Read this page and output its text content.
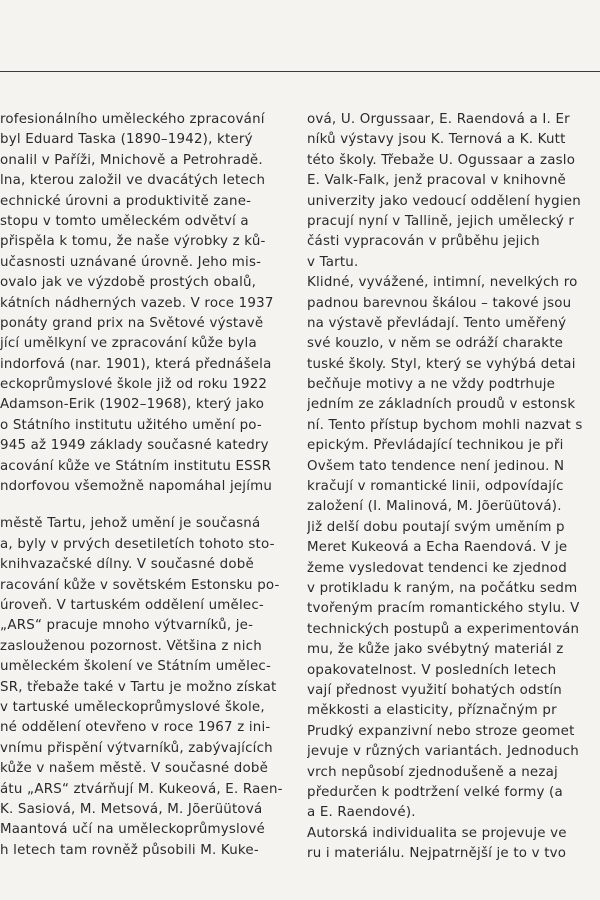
rofesionálního uměleckého zpracování
byl Eduard Taska (1890–1942), který
onalil v Paříži, Mnichově a Petrohradě.
lna, kterou založil ve dvacátých letech
echnické úrovni a produktivitě zane-
stopu v tomto uměleckém odvětví a
přispěla k tomu, že naše výrobky z ků-
učasnosti uznávané úrovně. Jeho mis-
ovalo jak ve výzdobě prostých obalů,
kátních nádherných vazeb. V roce 1937
ponáty grand prix na Světové výstavě
jící umělkyní ve zpracování kůže byla
indorfová (nar. 1901), která přednášela
eckoprůmyslové škole již od roku 1922
Adamson-Erik (1902–1968), který jako
o Státního institutu užitého umění po-
945 až 1949 základy současné katedry
acování kůže ve Státním institutu ESSR
ndorfovou všemožně napomáhal jejímu
městě Tartu, jehož umění je současná
a, byly v prvých desetiletích tohoto sto-
knihvazačské dílny. V současné době
racování kůže v sovětském Estonsku po-
úroveň. V tartuském oddělení umělec-
„ARS“ pracuje mnoho výtvarníků, je-
zaslouženou pozornost. Většina z nich
uměleckém školení ve Státním umělec-
SR, třebaže také v Tartu je možno získat
v tartuské uměleckoprůmyslové škole,
né oddělení otevřeno v roce 1967 z ini-
vnímu přispění výtvarníků, zabývajících
kůže v našem městě. V současné době
átu „ARS“ ztvárňují M. Kukeová, E. Raen-
K. Sasiová, M. Metsová, M. Jõerüütová
Maantová učí na uměleckoprůmyslové
h letech tam rovněž působili M. Kuke-
ová, U. Orgussaar, E. Raendová a I. Er
níků výstavy jsou K. Ternová a K. Kutt
této školy. Třebaže U. Ogussaar a zaslo
E. Valk-Falk, jenž pracoval v knihovně
univerzity jako vedoucí oddělení hygien
pracují nyní v Tallině, jejich umělecký r
části vypracován v průběhu jejich
v Tartu.
Klidné, vyvážené, intimní, nevelkých ro
padnou barevnou škálou – takové jsou
na výstavě převládají. Tento uměřený
své kouzlo, v něm se odráží charakte
tuské školy. Styl, který se vyhýbá detai
bečňuje motivy a ne vždy podtrhuje
jedním ze základních proudů v estonsk
ní. Tento přístup bychom mohli nazvat s
epickým. Převládající technikou je při
Ovšem tato tendence není jedinou. N
kračují v romantické linii, odpovídajíc
založení (I. Malinová, M. Jõerüütová).
Již delší dobu poutají svým uměním p
Meret Kukeová a Echa Raendová. V je
žeme vysledovat tendenci ke zjednod
v protikladu k raným, na počátku sedm
tvořeným pracím romantického stylu. V
technických postupů a experimentován
mu, že kůže jako svébytný materiál z
opakovatelnost. V posledních letech
vají přednost využití bohatých odstín
měkkosti a elasticity, příznačným pr
Prudký expanzivní nebo stroze geomet
jevuje v různých variantách. Jednoduch
vrch nepůsobí zjednodušeně a nezaj
předurčen k podtržení velké formy (a
a E. Raendové).
Autorská individualita se projevuje ve
ru i materiálu. Nejpatrnější je to v tvo
